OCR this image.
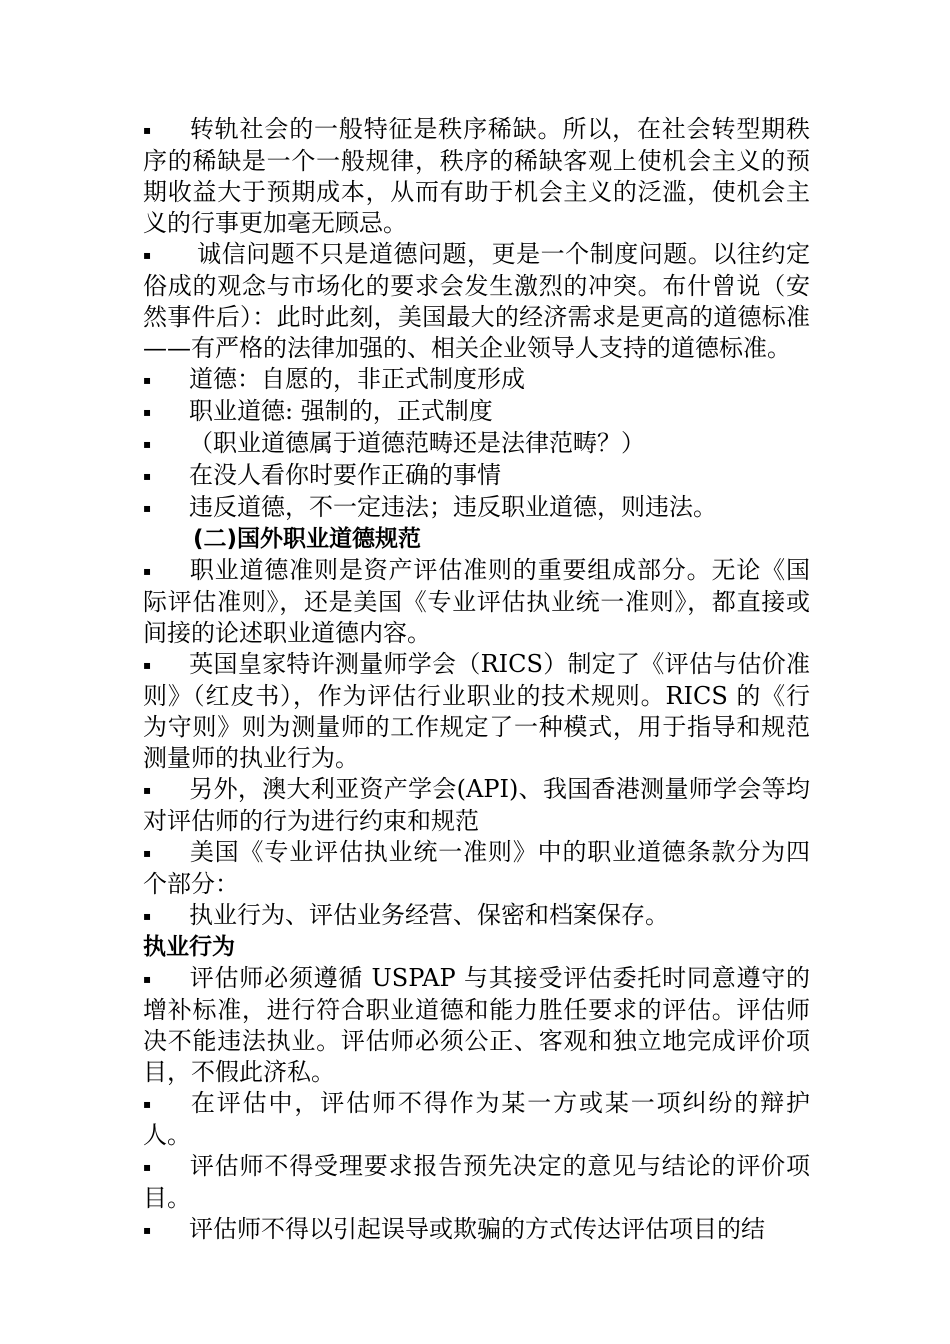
▪ 转轨社会的一般特征是秩序稀缺。所以，在社会转型期秩序的稀缺是一个一般规律，秩序的稀缺客观上使机会主义的预期收益大于预期成本，从而有助于机会主义的泛滥，使机会主义的行事更加毫无顾忌。

▪ 诚信问题不只是道德问题，更是一个制度问题。以往约定俗成的观念与市场化的要求会发生激烈的冲突。布什曾说（安然事件后）：此时此刻，美国最大的经济需求是更高的道德标准——有严格的法律加强的、相关企业领导人支持的道德标准。

▪ 道德：自愿的，非正式制度形成

▪ 职业道德: 强制的，正式制度

▪ （职业道德属于道德范畴还是法律范畴？）

▪ 在没人看你时要作正确的事情

▪ 违反道德，不一定违法；违反职业道德，则违法。

(二)国外职业道德规范

▪ 职业道德准则是资产评估准则的重要组成部分。无论《国际评估准则》，还是美国《专业评估执业统一准则》，都直接或间接的论述职业道德内容。

▪ 英国皇家特许测量师学会（RICS）制定了《评估与估价准则》（红皮书），作为评估行业职业的技术规则。RICS 的《行为守则》则为测量师的工作规定了一种模式，用于指导和规范测量师的执业行为。

▪ 另外，澳大利亚资产学会(API)、我国香港测量师学会等均对评估师的行为进行约束和规范

▪ 美国《专业评估执业统一准则》中的职业道德条款分为四个部分：

▪ 执业行为、评估业务经营、保密和档案保存。

执业行为

▪ 评估师必须遵循 USPAP 与其接受评估委托时同意遵守的增补标准，进行符合职业道德和能力胜任要求的评估。评估师决不能违法执业。评估师必须公正、客观和独立地完成评价项目，不假此济私。

▪ 在评估中，评估师不得作为某一方或某一项纠纷的辩护人。

▪ 评估师不得受理要求报告预先决定的意见与结论的评价项目。

▪ 评估师不得以引起误导或欺骗的方式传达评估项目的结
